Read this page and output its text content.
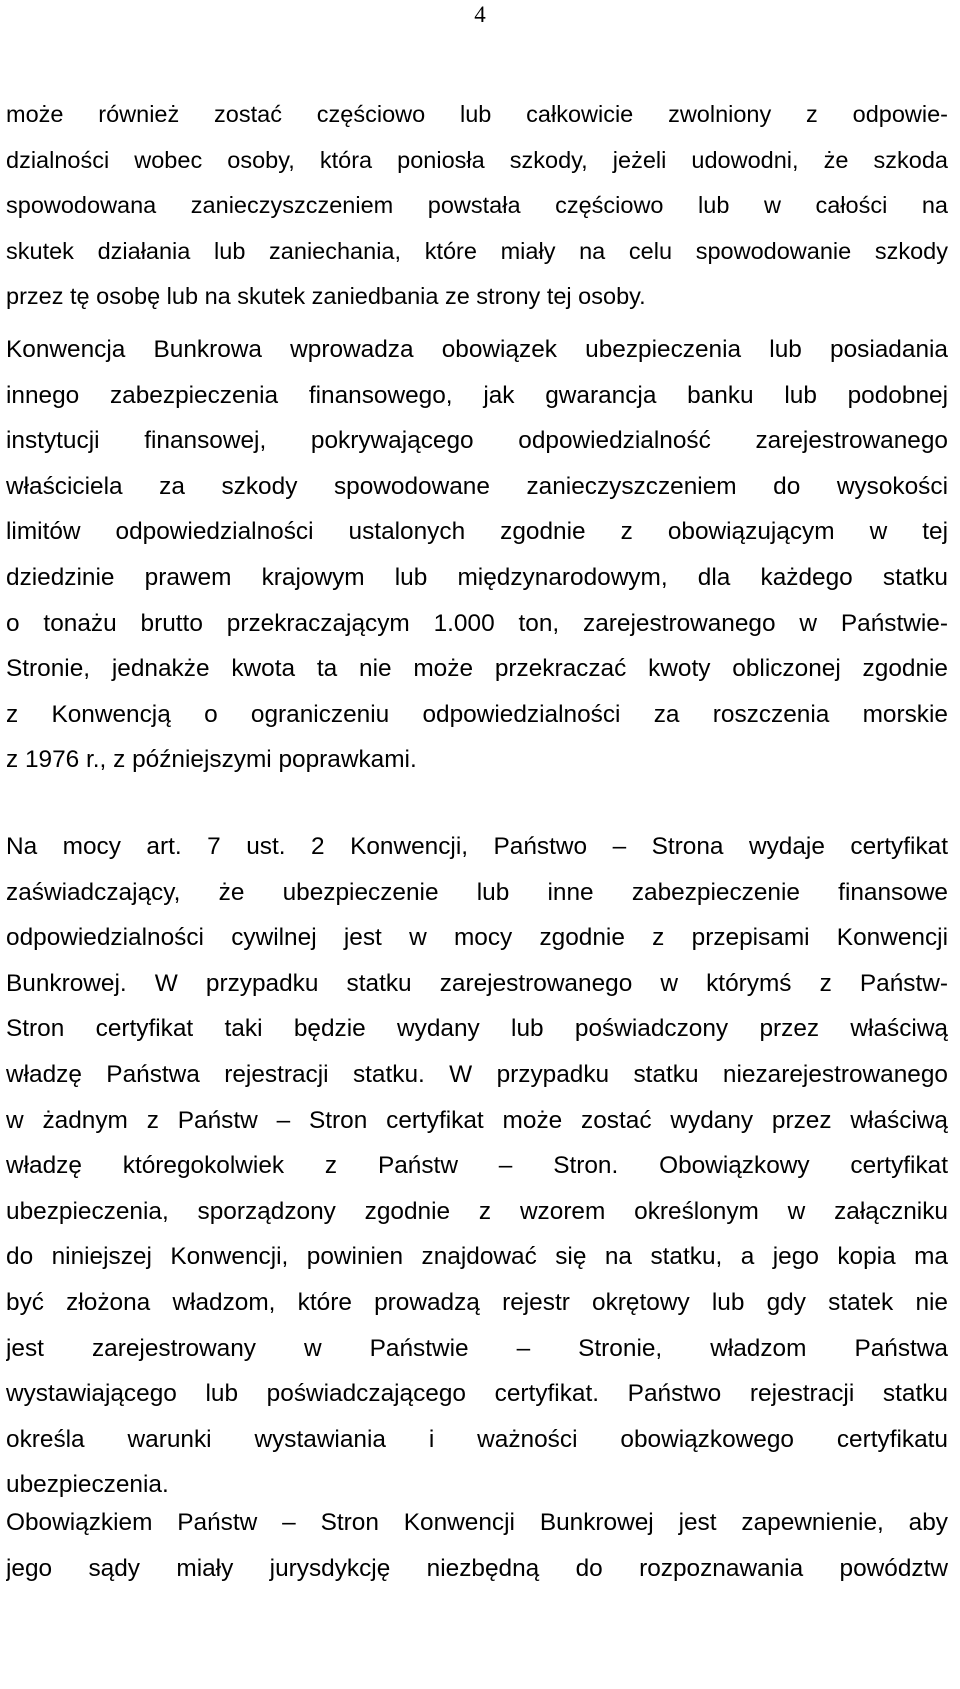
4
może również zostać częściowo lub całkowicie zwolniony z odpowie-
dzialności wobec osoby, która poniosła szkody, jeżeli udowodni, że szkoda
spowodowana zanieczyszczeniem powstała częściowo lub w całości na
skutek działania lub zaniechania, które miały na celu spowodowanie szkody
przez tę osobę lub na skutek zaniedbania ze strony tej osoby.
Konwencja Bunkrowa wprowadza obowiązek ubezpieczenia lub posiadania
innego zabezpieczenia finansowego, jak gwarancja banku lub podobnej
instytucji finansowej, pokrywającego odpowiedzialność zarejestrowanego
właściciela za szkody spowodowane zanieczyszczeniem do wysokości
limitów odpowiedzialności ustalonych zgodnie z obowiązującym w tej
dziedzinie prawem krajowym lub międzynarodowym, dla każdego statku
o tonażu brutto przekraczającym 1.000 ton, zarejestrowanego w Państwie-
Stronie, jednakże kwota ta nie może przekraczać kwoty obliczonej zgodnie
z Konwencją o ograniczeniu odpowiedzialności za roszczenia morskie
z 1976 r., z późniejszymi poprawkami.
Na mocy art. 7 ust. 2 Konwencji, Państwo – Strona wydaje certyfikat
zaświadczający, że ubezpieczenie lub inne zabezpieczenie finansowe
odpowiedzialności cywilnej jest w mocy zgodnie z przepisami Konwencji
Bunkrowej. W przypadku statku zarejestrowanego w którymś z Państw-
Stron certyfikat taki będzie wydany lub poświadczony przez właściwą
władzę Państwa rejestracji statku. W przypadku statku niezarejestrowanego
w żadnym z Państw – Stron certyfikat może zostać wydany przez właściwą
władzę któregokolwiek z Państw – Stron. Obowiązkowy certyfikat
ubezpieczenia, sporządzony zgodnie z wzorem określonym w załączniku
do niniejszej Konwencji, powinien znajdować się na statku, a jego kopia ma
być złożona władzom, które prowadzą rejestr okrętowy lub gdy statek nie
jest zarejestrowany w Państwie – Stronie, władzom Państwa
wystawiającego lub poświadczającego certyfikat. Państwo rejestracji statku
określa warunki wystawiania i ważności obowiązkowego certyfikatu
ubezpieczenia.
Obowiązkiem Państw – Stron Konwencji Bunkrowej jest zapewnienie, aby
jego sądy miały jurysdykcję niezbędną do rozpoznawania powództw
